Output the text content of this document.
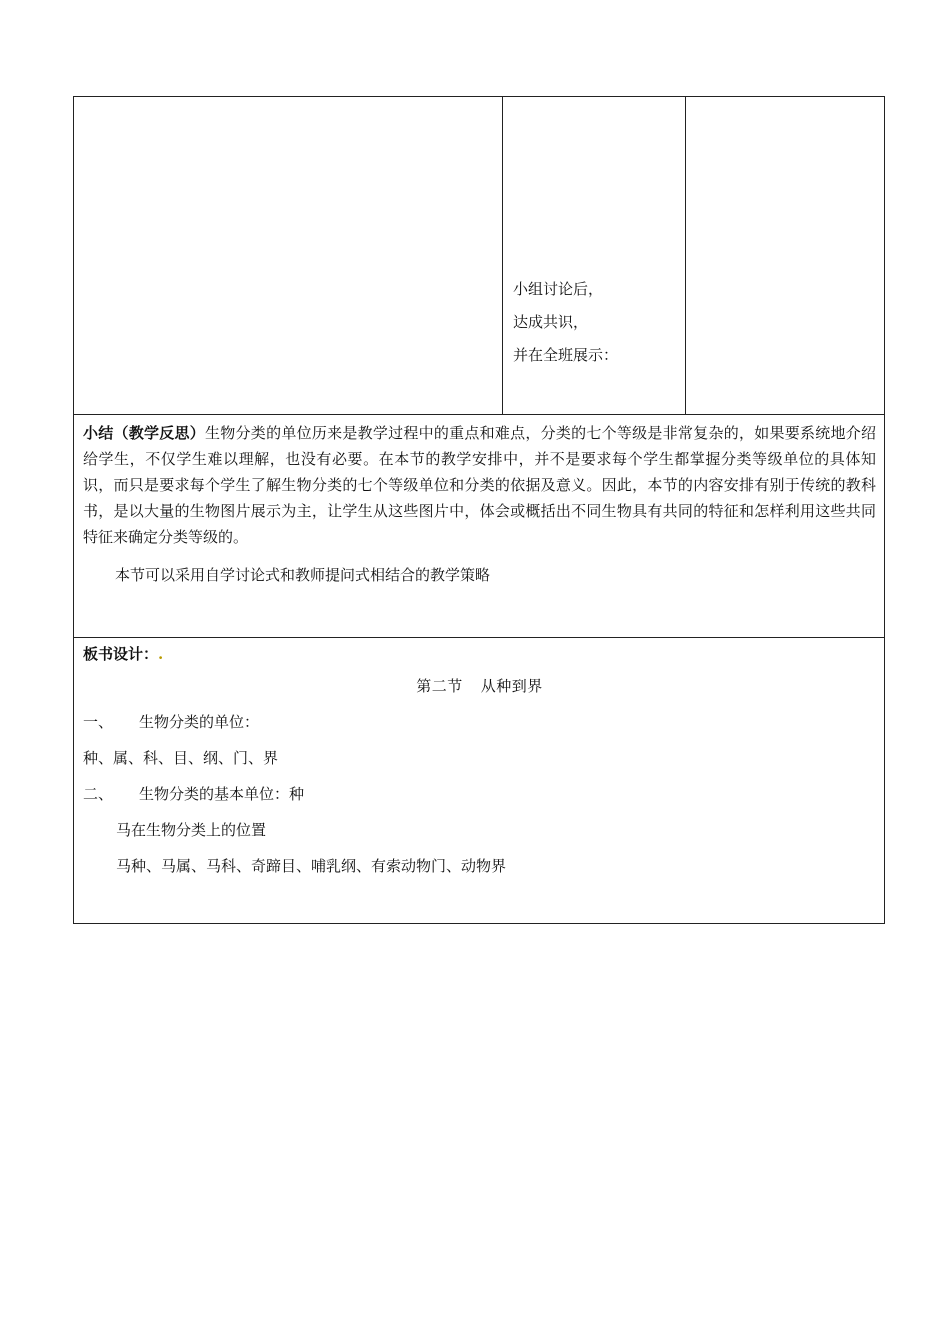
小组讨论后，
达成共识，
并在全班展示：
小结（教学反思）生物分类的单位历来是教学过程中的重点和难点，分类的七个等级是非常复杂的，如果要系统地介绍给学生，不仅学生难以理解，也没有必要。在本节的教学安排中，并不是要求每个学生都掌握分类等级单位的具体知识，而只是要求每个学生了解生物分类的七个等级单位和分类的依据及意义。因此，本节的内容安排有别于传统的教科书，是以大量的生物图片展示为主，让学生从这些图片中，体会或概括出不同生物具有共同的特征和怎样利用这些共同特征来确定分类等级的。
本节可以采用自学讨论式和教师提问式相结合的教学策略
板书设计：.
第二节 从种到界
一、 生物分类的单位：
种、属、科、目、纲、门、界
二、 生物分类的基本单位：种
马在生物分类上的位置
马种、马属、马科、奇蹄目、哺乳纲、有索动物门、动物界
